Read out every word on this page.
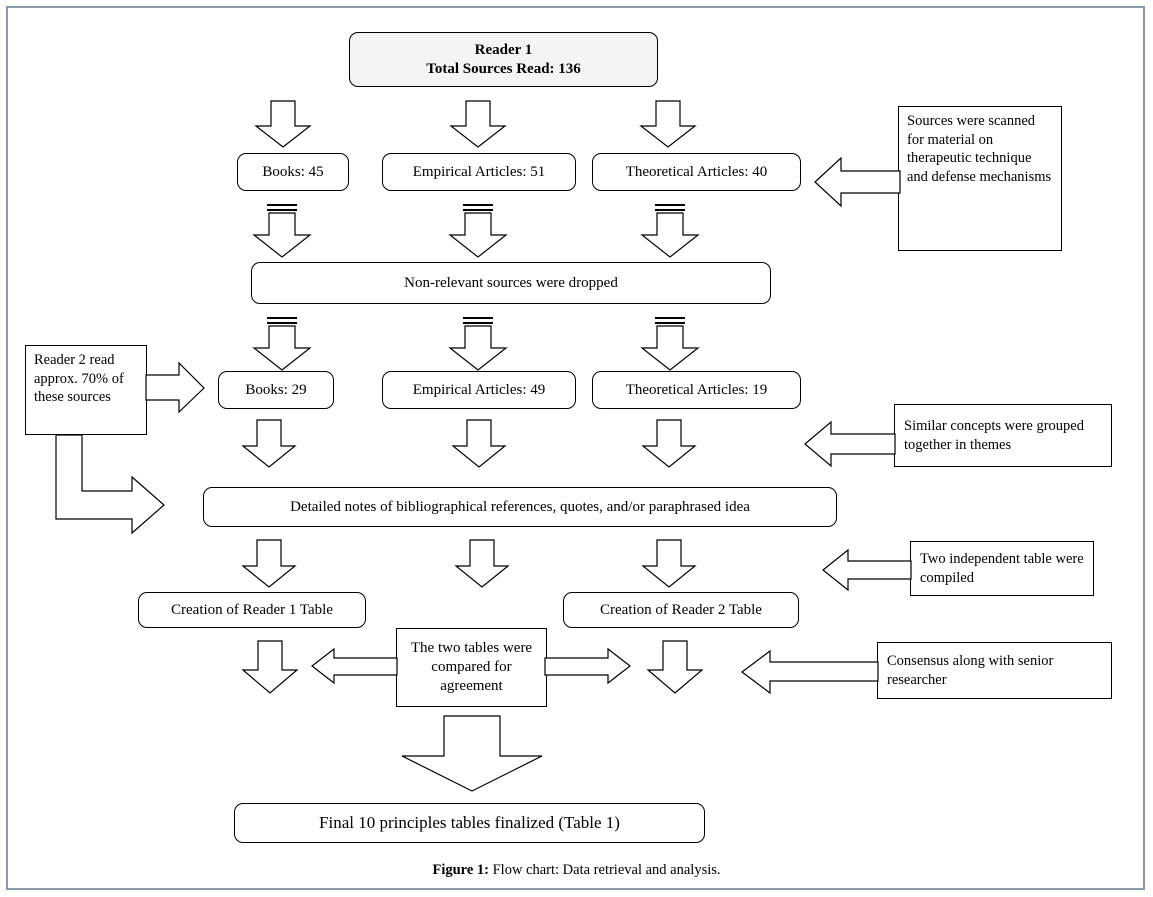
Reader 1
Total Sources Read: 136
Books: 45	Empirical Articles: 51	Theoretical Articles: 40
Sources were scanned for material on therapeutic technique and defense mechanisms
Non-relevant sources were dropped
Books: 29	Empirical Articles: 49	Theoretical Articles: 19
Reader 2 read approx. 70% of these sources
Similar concepts were grouped together in themes
Detailed notes of bibliographical references, quotes, and/or paraphrased idea
Two independent table were compiled
Creation of Reader 1 Table	Creation of Reader 2 Table
The two tables were compared for agreement
Consensus along with senior researcher
Final 10 principles tables finalized (Table 1)
Figure 1: Flow chart: Data retrieval and analysis.
